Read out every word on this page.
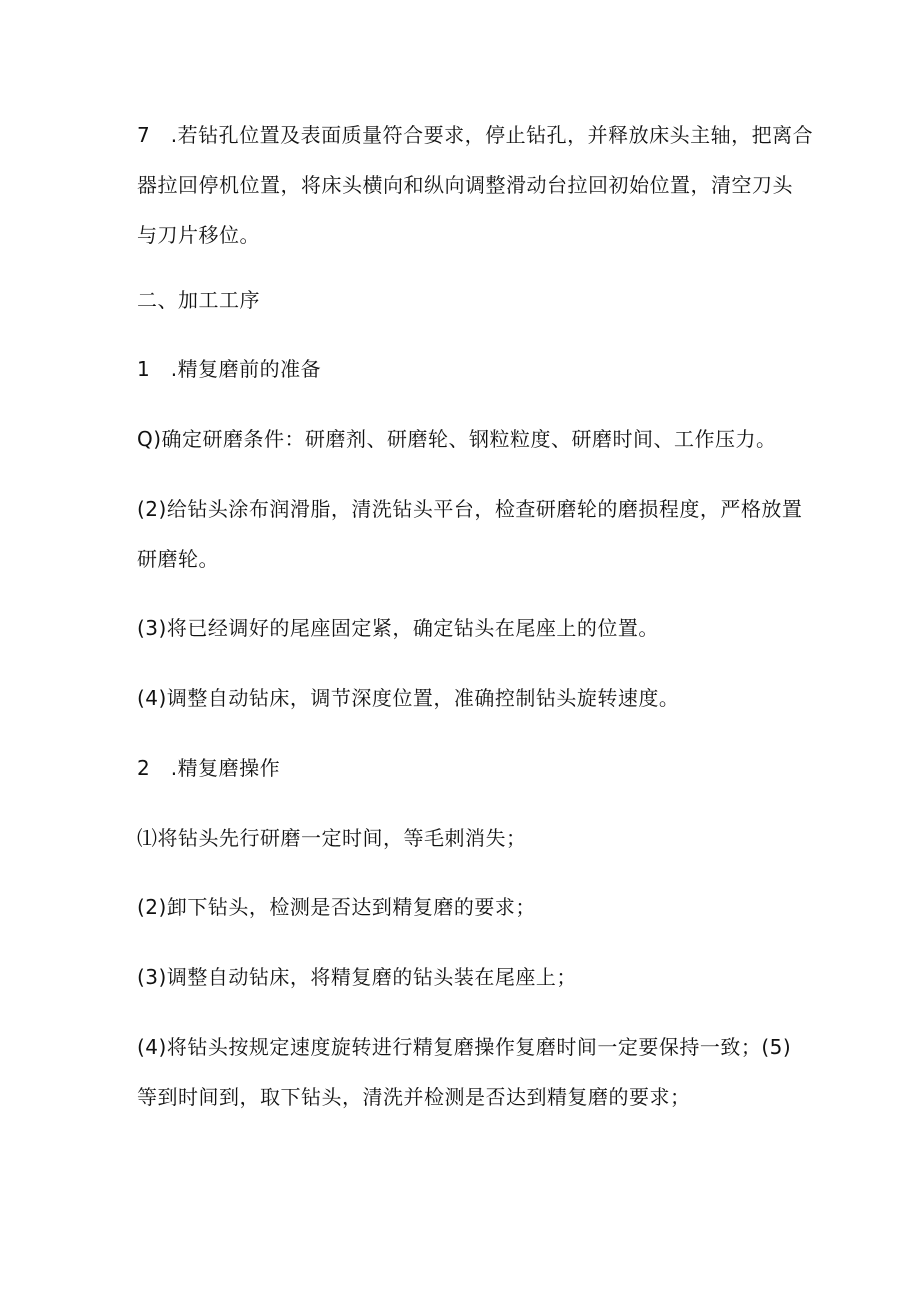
7　.若钻孔位置及表面质量符合要求，停止钻孔，并释放床头主轴，把离合
器拉回停机位置，将床头横向和纵向调整滑动台拉回初始位置，清空刀头
与刀片移位。

二、加工工序

1　.精复磨前的准备

Q)确定研磨条件：研磨剂、研磨轮、钢粒粒度、研磨时间、工作压力。

(2)给钻头涂布润滑脂，清洗钻头平台，检查研磨轮的磨损程度，严格放置
研磨轮。

(3)将已经调好的尾座固定紧，确定钻头在尾座上的位置。

(4)调整自动钻床，调节深度位置，准确控制钻头旋转速度。

2　.精复磨操作

⑴将钻头先行研磨一定时间，等毛刺消失；

(2)卸下钻头，检测是否达到精复磨的要求；

(3)调整自动钻床，将精复磨的钻头装在尾座上；

(4)将钻头按规定速度旋转进行精复磨操作复磨时间一定要保持一致；(5)
等到时间到，取下钻头，清洗并检测是否达到精复磨的要求；
